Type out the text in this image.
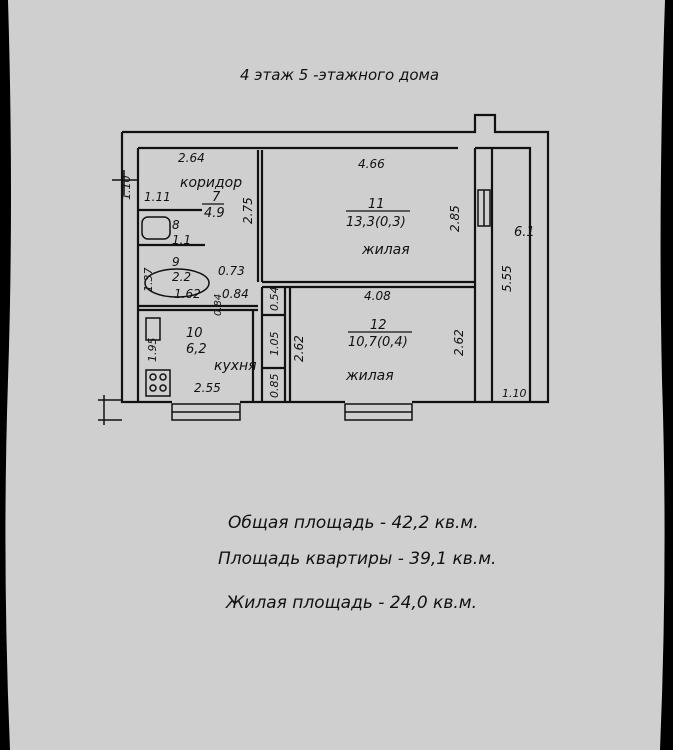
4 этаж 5 -этажного дома
коридор
7
4.9
8
1.1
9
2.2
10
6,2
кухня
11
13,3(0,3)
жилая
12
10,7(0,4)
жилая
6.1
2.64
1.11
1.10
4.66
2.75	2.85
0.73
0.84
0.84
1.62
1.37
0.54	4.08
5.55
1.05 2.62	2.62
1.95
2.55	0.85	1.10
Общая площадь - 42,2 кв.м.
Площадь квартиры - 39,1 кв.м.
Жилая площадь - 24,0 кв.м.
